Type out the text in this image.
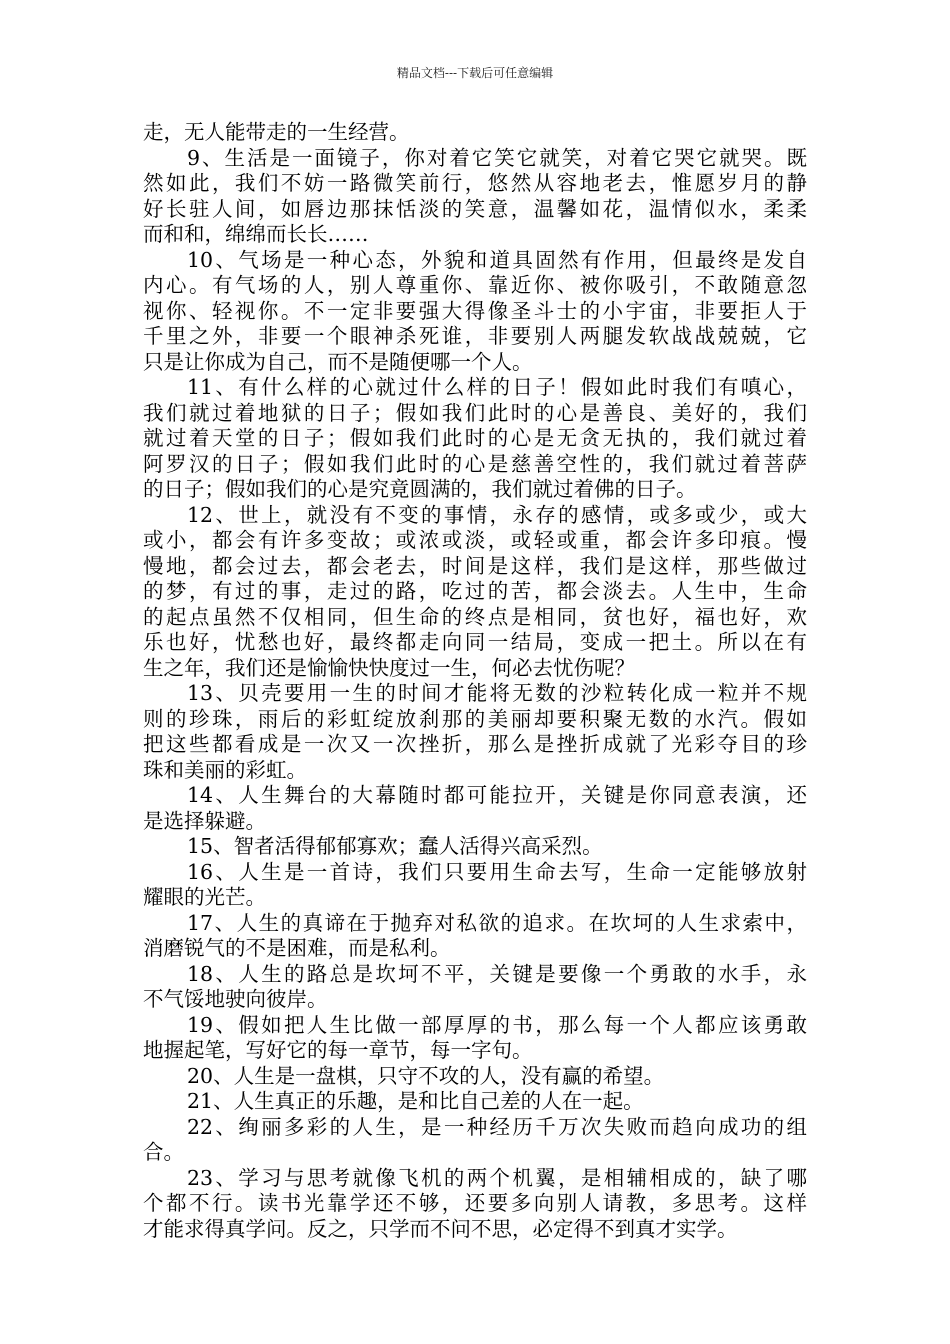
精品文档---下载后可任意编辑
走，无人能带走的一生经营。
9、生活是一面镜子，你对着它笑它就笑，对着它哭它就哭。既
然如此，我们不妨一路微笑前行，悠然从容地老去，惟愿岁月的静
好长驻人间，如唇边那抹恬淡的笑意，温馨如花，温情似水，柔柔
而和和，绵绵而长长……
10、气场是一种心态，外貌和道具固然有作用，但最终是发自
内心。有气场的人，别人尊重你、靠近你、被你吸引，不敢随意忽
视你、轻视你。不一定非要强大得像圣斗士的小宇宙，非要拒人于
千里之外，非要一个眼神杀死谁，非要别人两腿发软战战兢兢，它
只是让你成为自己，而不是随便哪一个人。
11、有什么样的心就过什么样的日子！假如此时我们有嗔心，
我们就过着地狱的日子；假如我们此时的心是善良、美好的，我们
就过着天堂的日子；假如我们此时的心是无贪无执的，我们就过着
阿罗汉的日子；假如我们此时的心是慈善空性的，我们就过着菩萨
的日子；假如我们的心是究竟圆满的，我们就过着佛的日子。
12、世上，就没有不变的事情，永存的感情，或多或少，或大
或小，都会有许多变故；或浓或淡，或轻或重，都会许多印痕。慢
慢地，都会过去，都会老去，时间是这样，我们是这样，那些做过
的梦，有过的事，走过的路，吃过的苦，都会淡去。人生中，生命
的起点虽然不仅相同，但生命的终点是相同，贫也好，福也好，欢
乐也好，忧愁也好，最终都走向同一结局，变成一把土。所以在有
生之年，我们还是愉愉快快度过一生，何必去忧伤呢？
13、贝壳要用一生的时间才能将无数的沙粒转化成一粒并不规
则的珍珠，雨后的彩虹绽放刹那的美丽却要积聚无数的水汽。假如
把这些都看成是一次又一次挫折，那么是挫折成就了光彩夺目的珍
珠和美丽的彩虹。
14、人生舞台的大幕随时都可能拉开，关键是你同意表演，还
是选择躲避。
15、智者活得郁郁寡欢；蠢人活得兴高采烈。
16、人生是一首诗，我们只要用生命去写，生命一定能够放射
耀眼的光芒。
17、人生的真谛在于抛弃对私欲的追求。在坎坷的人生求索中，
消磨锐气的不是困难，而是私利。
18、人生的路总是坎坷不平，关键是要像一个勇敢的水手，永
不气馁地驶向彼岸。
19、假如把人生比做一部厚厚的书，那么每一个人都应该勇敢
地握起笔，写好它的每一章节，每一字句。
20、人生是一盘棋，只守不攻的人，没有赢的希望。
21、人生真正的乐趣，是和比自己差的人在一起。
22、绚丽多彩的人生，是一种经历千万次失败而趋向成功的组
合。
23、学习与思考就像飞机的两个机翼，是相辅相成的，缺了哪
个都不行。读书光靠学还不够，还要多向别人请教，多思考。这样
才能求得真学问。反之，只学而不问不思，必定得不到真才实学。
